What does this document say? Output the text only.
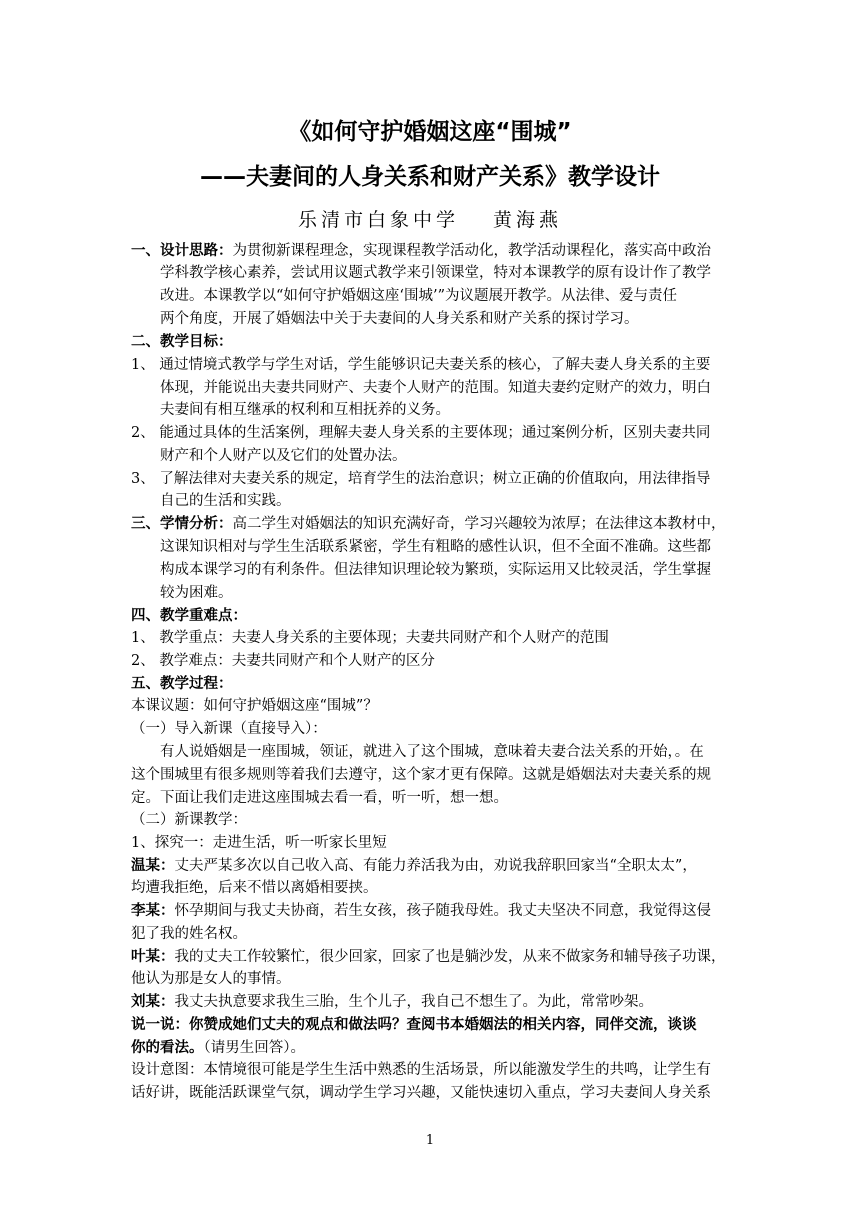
《如何守护婚姻这座“围城”
——夫妻间的人身关系和财产关系》教学设计
乐清市白象中学 黄海燕
一、设计思路：为贯彻新课程理念，实现课程教学活动化，教学活动课程化，落实高中政治
学科教学核心素养，尝试用议题式教学来引领课堂，特对本课教学的原有设计作了教学
改进。本课教学以“如何守护婚姻这座‘围城’”为议题展开教学。从法律、爱与责任
两个角度，开展了婚姻法中关于夫妻间的人身关系和财产关系的探讨学习。
二、教学目标：
1、 通过情境式教学与学生对话，学生能够识记夫妻关系的核心，了解夫妻人身关系的主要
体现，并能说出夫妻共同财产、夫妻个人财产的范围。知道夫妻约定财产的效力，明白
夫妻间有相互继承的权利和互相抚养的义务。
2、 能通过具体的生活案例，理解夫妻人身关系的主要体现；通过案例分析，区别夫妻共同
财产和个人财产以及它们的处置办法。
3、 了解法律对夫妻关系的规定，培育学生的法治意识；树立正确的价值取向，用法律指导
自己的生活和实践。
三、学情分析：高二学生对婚姻法的知识充满好奇，学习兴趣较为浓厚；在法律这本教材中，
这课知识相对与学生生活联系紧密，学生有粗略的感性认识，但不全面不准确。这些都
构成本课学习的有利条件。但法律知识理论较为繁琐，实际运用又比较灵活，学生掌握
较为困难。
四、教学重难点：
1、 教学重点：夫妻人身关系的主要体现；夫妻共同财产和个人财产的范围
2、 教学难点：夫妻共同财产和个人财产的区分
五、教学过程：
本课议题：如何守护婚姻这座“围城”？
（一）导入新课（直接导入）：
有人说婚姻是一座围城，领证，就进入了这个围城，意味着夫妻合法关系的开始，。在
这个围城里有很多规则等着我们去遵守，这个家才更有保障。这就是婚姻法对夫妻关系的规
定。下面让我们走进这座围城去看一看，听一听，想一想。
（二）新课教学：
1、探究一：走进生活，听一听家长里短
温某：丈夫严某多次以自己收入高、有能力养活我为由，劝说我辞职回家当“全职太太”，
均遭我拒绝，后来不惜以离婚相要挟。
李某：怀孕期间与我丈夫协商，若生女孩，孩子随我母姓。我丈夫坚决不同意，我觉得这侵
犯了我的姓名权。
叶某：我的丈夫工作较繁忙，很少回家，回家了也是躺沙发，从来不做家务和辅导孩子功课，
他认为那是女人的事情。
刘某：我丈夫执意要求我生三胎，生个儿子，我自己不想生了。为此，常常吵架。
说一说：你赞成她们丈夫的观点和做法吗？查阅书本婚姻法的相关内容，同伴交流，谈谈
你的看法。（请男生回答）。
设计意图：本情境很可能是学生生活中熟悉的生活场景，所以能激发学生的共鸣，让学生有
话好讲，既能活跃课堂气氛，调动学生学习兴趣，又能快速切入重点，学习夫妻间人身关系
1
